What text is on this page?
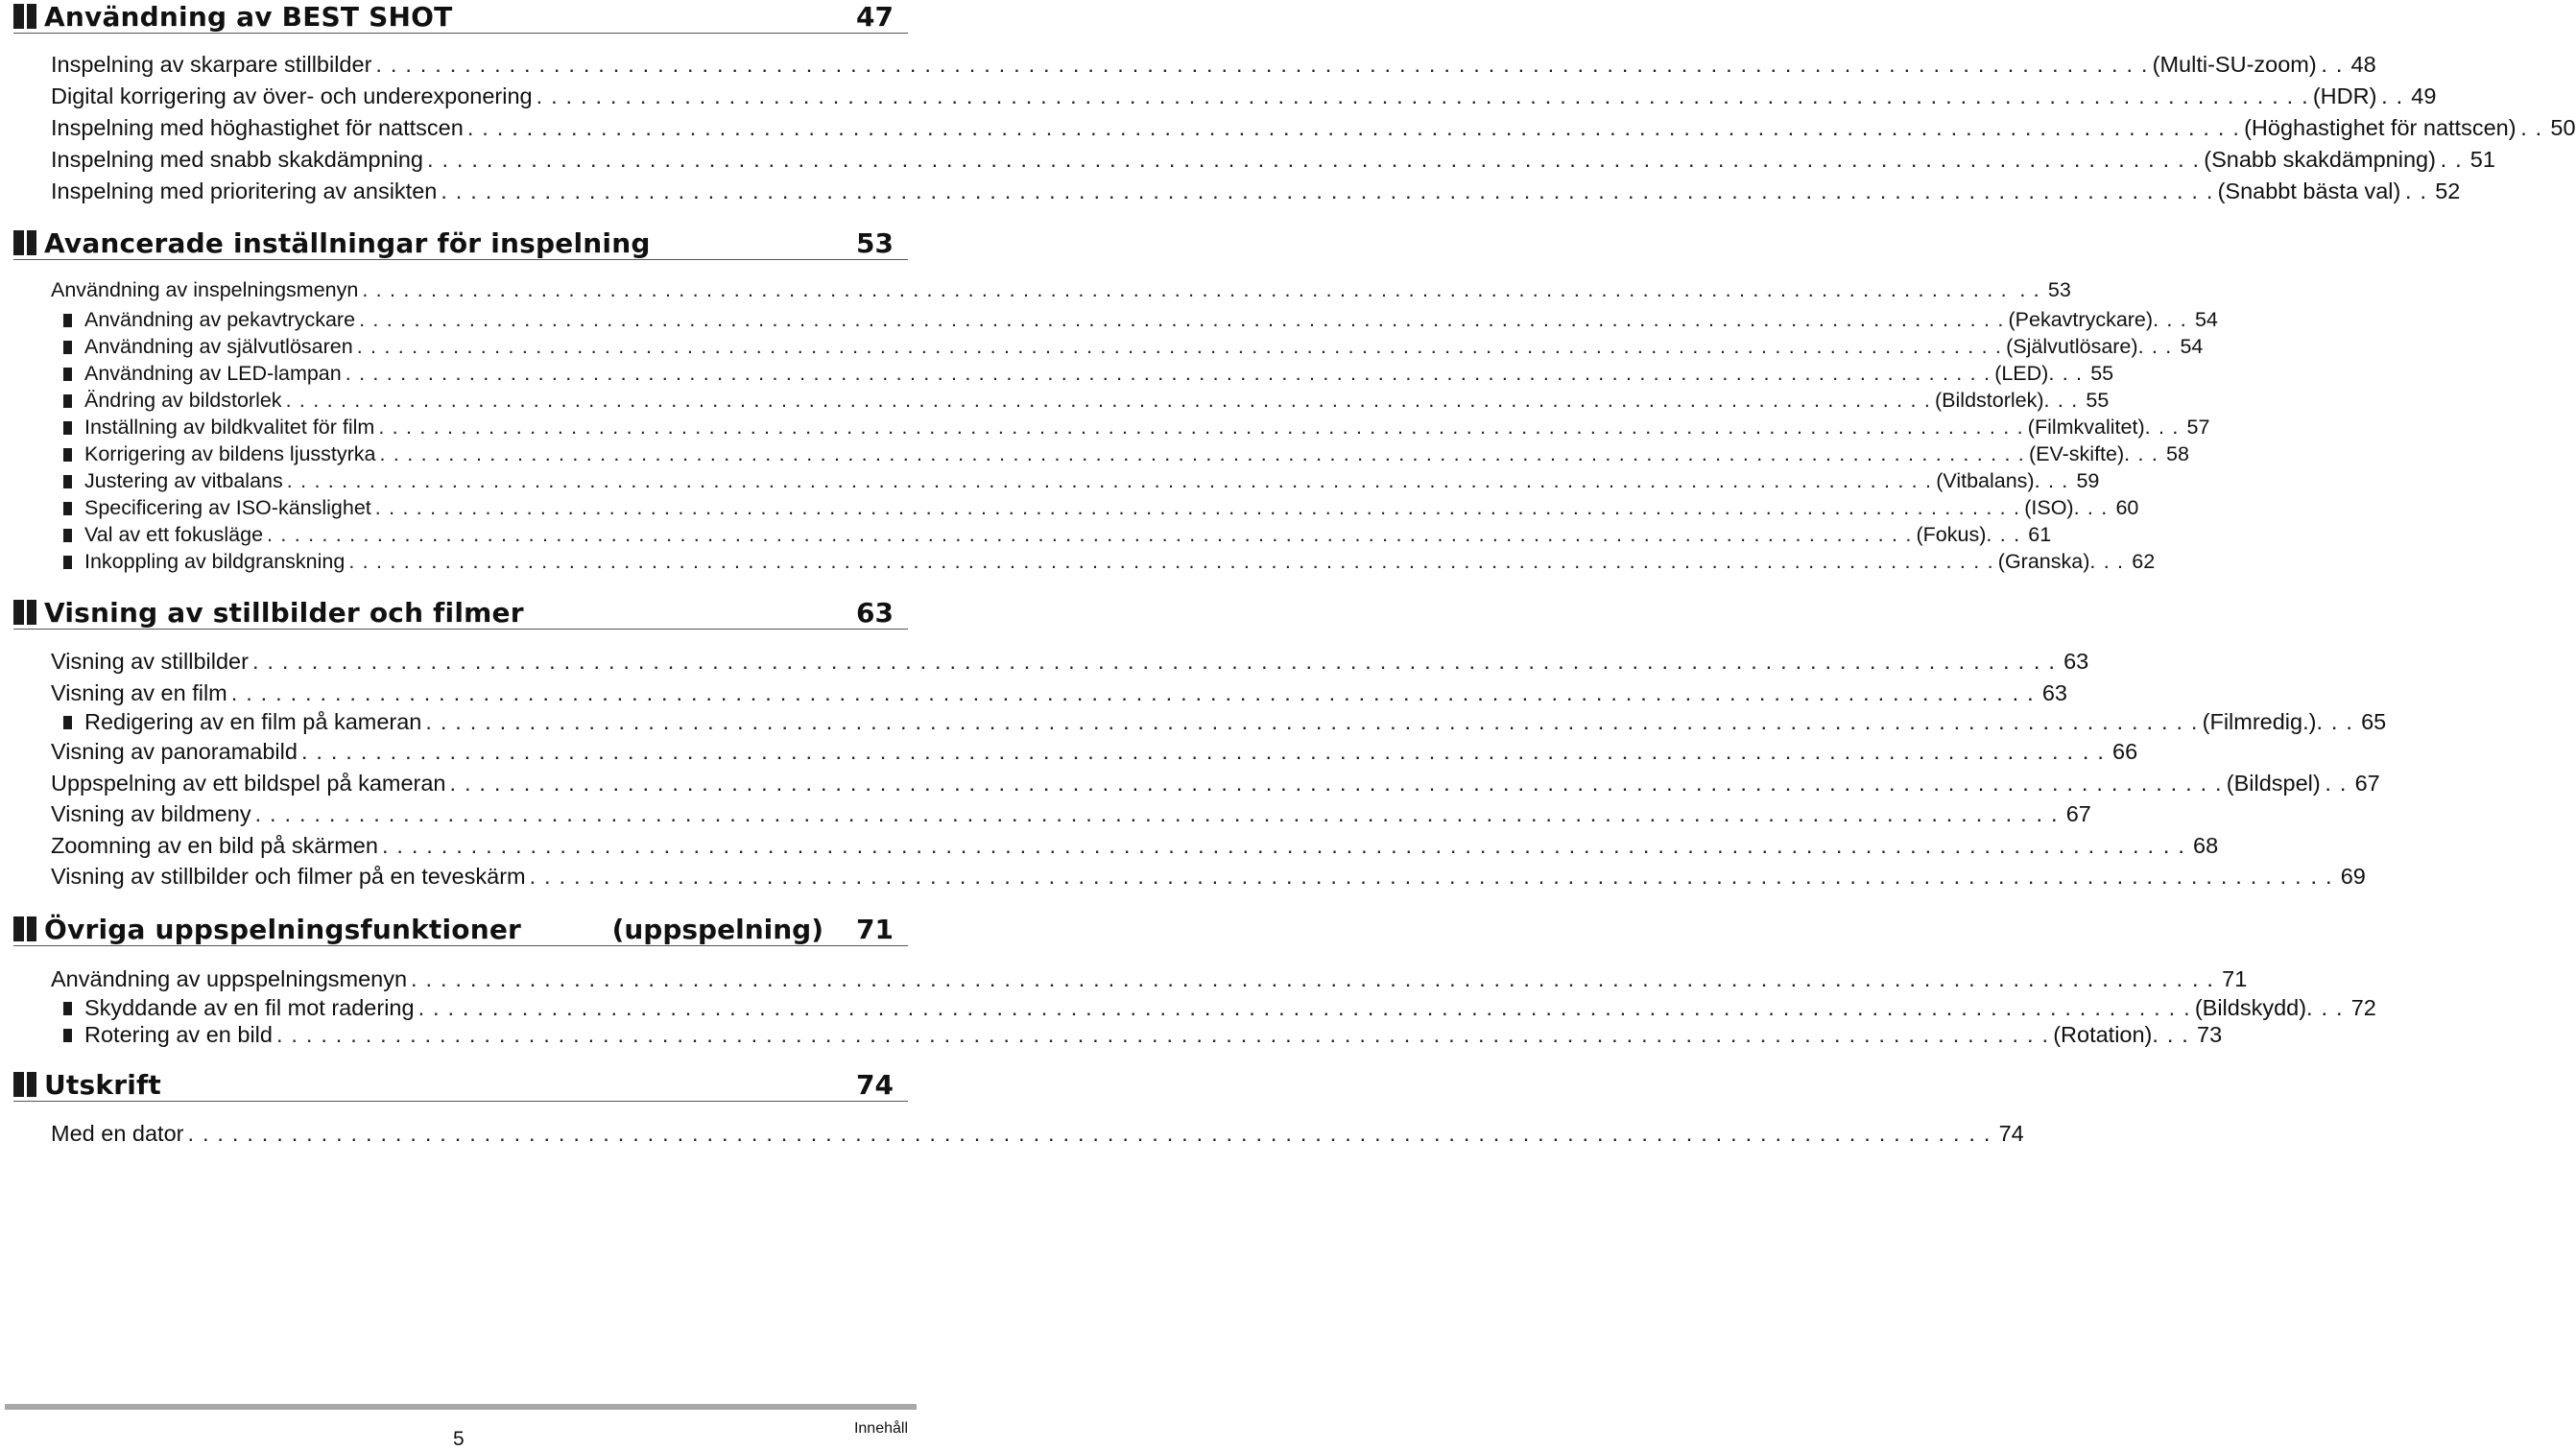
Användning av BEST SHOT	47
Inspelning av skarpare stillbilder . . . . . . . . . . . . . . . . . . . . . . . . . . . . . . . . . . . . . . . . . . . . . . . . . . . . . . . . . . . . . . . . . . . . . . . . . . . . . . . . . . . . . . . . . . . . . . . . . . . . . . . . . . . . . . . . . . . . . . . . (Multi-SU-zoom) . . 48
Digital korrigering av över- och underexponering . . . . . . . . . . . . . . . . . . . . . . . . . . . . . . . . . . . . . . . . . . . . . . . . . . . . . . . . . . . . . . . . . . . . . . . . . . . . . . . . . . . . . . . . . . . . . . . . . . . . . . . . . . . . . . . . . . . . . . . . (HDR) . . 49
Inspelning med höghastighet för nattscen . . . . . . . . . . . . . . . . . . . . . . . . . . . . . . . . . . . . . . . . . . . . . . . . . . . . . . . . . . . . . . . . . . . . . . . . . . . . . . . . . . . . . . . . . . . . . . . . . . . . . . . . . . . . . . . . . . . . . . . . (Höghastighet för nattscen) . . 50
Inspelning med snabb skakdämpning . . . . . . . . . . . . . . . . . . . . . . . . . . . . . . . . . . . . . . . . . . . . . . . . . . . . . . . . . . . . . . . . . . . . . . . . . . . . . . . . . . . . . . . . . . . . . . . . . . . . . . . . . . . . . . . . . . . . . . . . (Snabb skakdämpning) . . 51
Inspelning med prioritering av ansikten . . . . . . . . . . . . . . . . . . . . . . . . . . . . . . . . . . . . . . . . . . . . . . . . . . . . . . . . . . . . . . . . . . . . . . . . . . . . . . . . . . . . . . . . . . . . . . . . . . . . . . . . . . . . . . . . . . . . . . . . (Snabbt bästa val) . . 52
Avancerade inställningar för inspelning	53
Användning av inspelningsmenyn . . . . . . . . . . . . . . . . . . . . . . . . . . . . . . . . . . . . . . . . . . . . . . . . . . . . . . . . . . . . . . . . . . . . . . . . . . . . . . . . . . . . . . . . . . . . . . . . . . . . . . . . . . . . . . . . . . . . . . . . . . 53
Användning av pekavtryckare . . . . . . . . . . . . . . . . . . . . . . . . . . . . . . . . . . . . . . . . . . . . . . . . . . . . . . . . . . . . . . . . . . . . . . . . . . . . . . . . . . . . . . . . . . . . . . . . . . . . . . . . . . . . . . . . . . . . . . . . (Pekavtryckare) . . . 54
Användning av självutlösaren . . . . . . . . . . . . . . . . . . . . . . . . . . . . . . . . . . . . . . . . . . . . . . . . . . . . . . . . . . . . . . . . . . . . . . . . . . . . . . . . . . . . . . . . . . . . . . . . . . . . . . . . . . . . . . . . . . . . . . . . (Självutlösare) . . . 54
Användning av LED-lampan . . . . . . . . . . . . . . . . . . . . . . . . . . . . . . . . . . . . . . . . . . . . . . . . . . . . . . . . . . . . . . . . . . . . . . . . . . . . . . . . . . . . . . . . . . . . . . . . . . . . . . . . . . . . . . . . . . . . . . . . (LED) . . . 55
Ändring av bildstorlek . . . . . . . . . . . . . . . . . . . . . . . . . . . . . . . . . . . . . . . . . . . . . . . . . . . . . . . . . . . . . . . . . . . . . . . . . . . . . . . . . . . . . . . . . . . . . . . . . . . . . . . . . . . . . . . . . . . . . . . . (Bildstorlek) . . . 55
Inställning av bildkvalitet för film . . . . . . . . . . . . . . . . . . . . . . . . . . . . . . . . . . . . . . . . . . . . . . . . . . . . . . . . . . . . . . . . . . . . . . . . . . . . . . . . . . . . . . . . . . . . . . . . . . . . . . . . . . . . . . . . . . . . . . . . (Filmkvalitet) . . . 57
Korrigering av bildens ljusstyrka . . . . . . . . . . . . . . . . . . . . . . . . . . . . . . . . . . . . . . . . . . . . . . . . . . . . . . . . . . . . . . . . . . . . . . . . . . . . . . . . . . . . . . . . . . . . . . . . . . . . . . . . . . . . . . . . . . . . . . . . (EV-skifte) . . . 58
Justering av vitbalans . . . . . . . . . . . . . . . . . . . . . . . . . . . . . . . . . . . . . . . . . . . . . . . . . . . . . . . . . . . . . . . . . . . . . . . . . . . . . . . . . . . . . . . . . . . . . . . . . . . . . . . . . . . . . . . . . . . . . . . . (Vitbalans) . . . 59
Specificering av ISO-känslighet . . . . . . . . . . . . . . . . . . . . . . . . . . . . . . . . . . . . . . . . . . . . . . . . . . . . . . . . . . . . . . . . . . . . . . . . . . . . . . . . . . . . . . . . . . . . . . . . . . . . . . . . . . . . . . . . . . . . . . . . (ISO) . . . 60
Val av ett fokusläge . . . . . . . . . . . . . . . . . . . . . . . . . . . . . . . . . . . . . . . . . . . . . . . . . . . . . . . . . . . . . . . . . . . . . . . . . . . . . . . . . . . . . . . . . . . . . . . . . . . . . . . . . . . . . . . . . . . . . . . . (Fokus) . . . 61
Inkoppling av bildgranskning . . . . . . . . . . . . . . . . . . . . . . . . . . . . . . . . . . . . . . . . . . . . . . . . . . . . . . . . . . . . . . . . . . . . . . . . . . . . . . . . . . . . . . . . . . . . . . . . . . . . . . . . . . . . . . . . . . . . . . . . (Granska) . . . 62
Visning av stillbilder och filmer	63
Visning av stillbilder . . . . . . . . . . . . . . . . . . . . . . . . . . . . . . . . . . . . . . . . . . . . . . . . . . . . . . . . . . . . . . . . . . . . . . . . . . . . . . . . . . . . . . . . . . . . . . . . . . . . . . . . . . . . . . . . . . . . . . . . . . 63
Visning av en film . . . . . . . . . . . . . . . . . . . . . . . . . . . . . . . . . . . . . . . . . . . . . . . . . . . . . . . . . . . . . . . . . . . . . . . . . . . . . . . . . . . . . . . . . . . . . . . . . . . . . . . . . . . . . . . . . . . . . . . . . . 63
Redigering av en film på kameran . . . . . . . . . . . . . . . . . . . . . . . . . . . . . . . . . . . . . . . . . . . . . . . . . . . . . . . . . . . . . . . . . . . . . . . . . . . . . . . . . . . . . . . . . . . . . . . . . . . . . . . . . . . . . . . . . . . . . . . . (Filmredig.) . . . 65
Visning av panoramabild . . . . . . . . . . . . . . . . . . . . . . . . . . . . . . . . . . . . . . . . . . . . . . . . . . . . . . . . . . . . . . . . . . . . . . . . . . . . . . . . . . . . . . . . . . . . . . . . . . . . . . . . . . . . . . . . . . . . . . . . . . 66
Uppspelning av ett bildspel på kameran . . . . . . . . . . . . . . . . . . . . . . . . . . . . . . . . . . . . . . . . . . . . . . . . . . . . . . . . . . . . . . . . . . . . . . . . . . . . . . . . . . . . . . . . . . . . . . . . . . . . . . . . . . . . . . . . . . . . . . . . (Bildspel) . . 67
Visning av bildmeny . . . . . . . . . . . . . . . . . . . . . . . . . . . . . . . . . . . . . . . . . . . . . . . . . . . . . . . . . . . . . . . . . . . . . . . . . . . . . . . . . . . . . . . . . . . . . . . . . . . . . . . . . . . . . . . . . . . . . . . . . . 67
Zoomning av en bild på skärmen . . . . . . . . . . . . . . . . . . . . . . . . . . . . . . . . . . . . . . . . . . . . . . . . . . . . . . . . . . . . . . . . . . . . . . . . . . . . . . . . . . . . . . . . . . . . . . . . . . . . . . . . . . . . . . . . . . . . . . . . . . 68
Visning av stillbilder och filmer på en teveskärm . . . . . . . . . . . . . . . . . . . . . . . . . . . . . . . . . . . . . . . . . . . . . . . . . . . . . . . . . . . . . . . . . . . . . . . . . . . . . . . . . . . . . . . . . . . . . . . . . . . . . . . . . . . . . . . . . . . . . . . . . . 69
Övriga uppspelningsfunktioner	(uppspelning) 71
Användning av uppspelningsmenyn . . . . . . . . . . . . . . . . . . . . . . . . . . . . . . . . . . . . . . . . . . . . . . . . . . . . . . . . . . . . . . . . . . . . . . . . . . . . . . . . . . . . . . . . . . . . . . . . . . . . . . . . . . . . . . . . . . . . . . . . . . 71
Skyddande av en fil mot radering . . . . . . . . . . . . . . . . . . . . . . . . . . . . . . . . . . . . . . . . . . . . . . . . . . . . . . . . . . . . . . . . . . . . . . . . . . . . . . . . . . . . . . . . . . . . . . . . . . . . . . . . . . . . . . . . . . . . . . . . (Bildskydd) . . . 72
Rotering av en bild . . . . . . . . . . . . . . . . . . . . . . . . . . . . . . . . . . . . . . . . . . . . . . . . . . . . . . . . . . . . . . . . . . . . . . . . . . . . . . . . . . . . . . . . . . . . . . . . . . . . . . . . . . . . . . . . . . . . . . . . (Rotation) . . . 73
Utskrift	74
Med en dator . . . . . . . . . . . . . . . . . . . . . . . . . . . . . . . . . . . . . . . . . . . . . . . . . . . . . . . . . . . . . . . . . . . . . . . . . . . . . . . . . . . . . . . . . . . . . . . . . . . . . . . . . . . . . . . . . . . . . . . . . . 74
Innehåll
5
